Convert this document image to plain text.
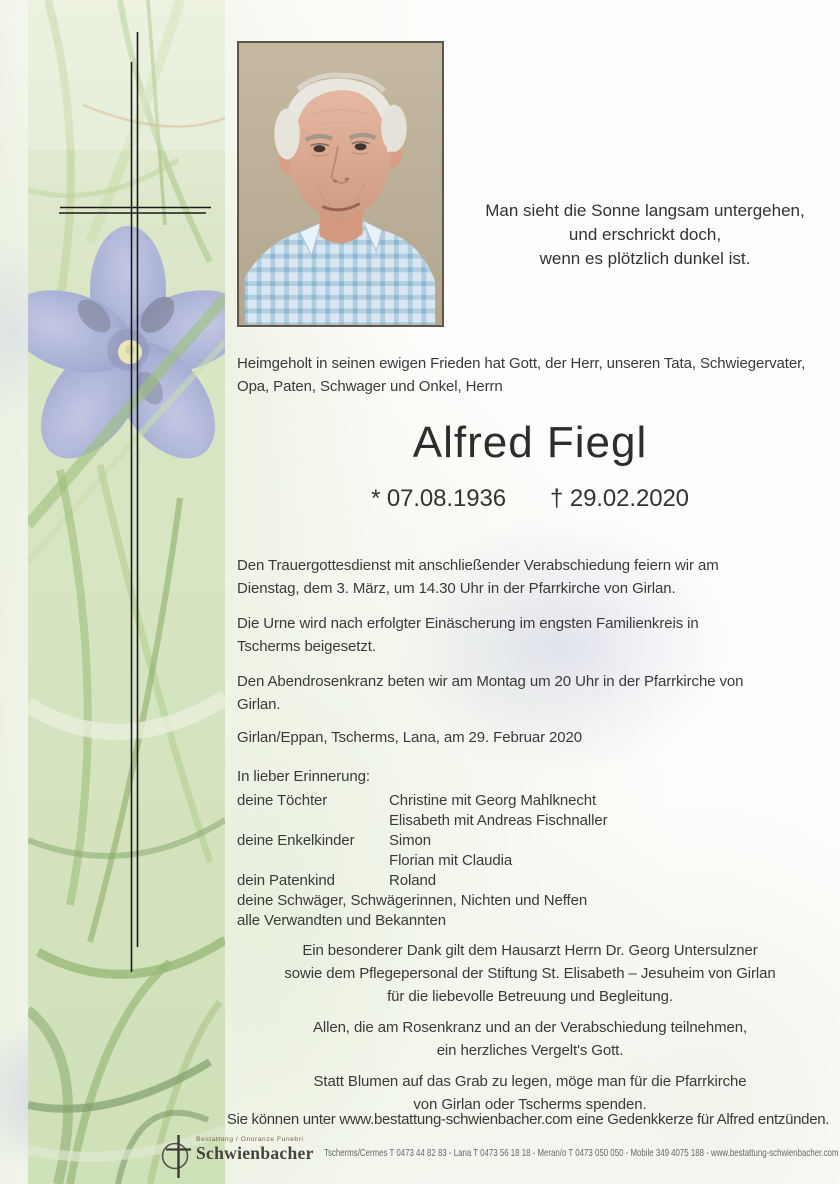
Man sieht die Sonne langsam untergehen,
und erschrickt doch,
wenn es plötzlich dunkel ist.
Heimgeholt in seinen ewigen Frieden hat Gott, der Herr, unseren Tata, Schwiegervater,
Opa, Paten, Schwager und Onkel, Herrn
Alfred Fiegl
* 07.08.1936 † 29.02.2020
Den Trauergottesdienst mit anschließender Verabschiedung feiern wir am
Dienstag, dem 3. März, um 14.30 Uhr in der Pfarrkirche von Girlan.
Die Urne wird nach erfolgter Einäscherung im engsten Familienkreis in
Tscherms beigesetzt.
Den Abendrosenkranz beten wir am Montag um 20 Uhr in der Pfarrkirche von
Girlan.
Girlan/Eppan, Tscherms, Lana, am 29. Februar 2020
In lieber Erinnerung:
deine Töchter	Christine mit Georg Mahlknecht
Elisabeth mit Andreas Fischnaller
deine Enkelkinder	Simon
Florian mit Claudia
dein Patenkind	Roland
deine Schwäger, Schwägerinnen, Nichten und Neffen
alle Verwandten und Bekannten
Ein besonderer Dank gilt dem Hausarzt Herrn Dr. Georg Untersulzner
sowie dem Pflegepersonal der Stiftung St. Elisabeth – Jesuheim von Girlan
für die liebevolle Betreuung und Begleitung.
Allen, die am Rosenkranz und an der Verabschiedung teilnehmen,
ein herzliches Vergelt's Gott.
Statt Blumen auf das Grab zu legen, möge man für die Pfarrkirche
von Girlan oder Tscherms spenden.
Sie können unter www.bestattung-schwienbacher.com eine Gedenkkerze für Alfred entzünden.
Bestattung / Onoranze Funebri
Schwienbacher Tscherms/Cermes T 0473 44 82 83 - Lana T 0473 56 18 18 - Meran/o T 0473 050 050 - Mobile 349 4075 188 - www.bestattung-schwienbacher.com
